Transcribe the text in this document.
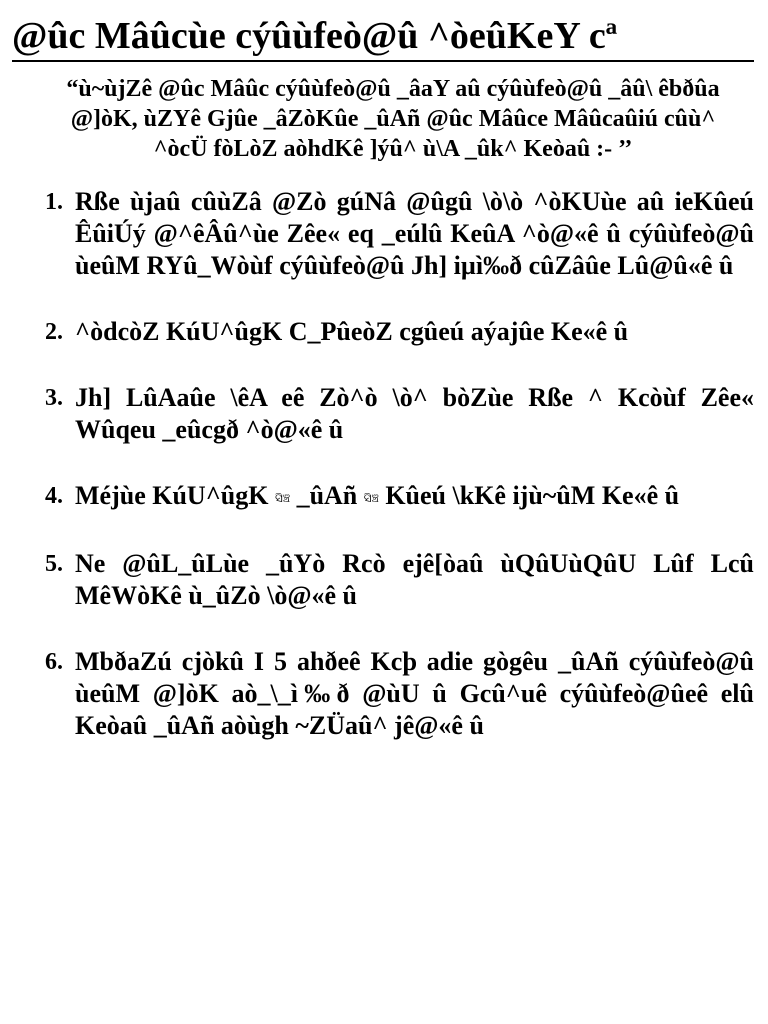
@ûc Mâûcùe cýûùfeò@û ^òeûKeY cª

“ù~ùjZê @ûc Mâûc cýûùfeò@û _âaY aû cýûùfeò@û _âû\ êbðûa @]òK, ùZYê Gjûe _âZòKûe _ûAñ @ûc Mâûce Mâûcaûiú cûù^ ^òcÜ fòLòZ aòhdKê ]ýû^ ù\A _ûk^ Keòaû :- ’’

1. Rße ùjaû cûùZâ @Zò gúNâ @ûgû \ò\ò ^òKUùe aû ieKûeú ÊûiÚý @^êÂû^ùe Zêe« eq _eúlû KeûA ^ò@«ê û cýûùfeò@û ùeûM RYû_Wòùf cýûùfeò@û Jh] iµì‰ð cûZâûe Lû@û«ê û
2. ^òdcòZ KúU^ûgK C_PûeòZ cgûeú aýajûe Ke«ê û
3. Jh] LûAaûe \êA eê Zò^ò \ò^ bòZùe Rße ^ Kcòùf Zêe« Wûqeu _eûcgð ^ò@«ê û
4. Méjùe KúU^ûgK ସିଞ୍ଚ _ûAñ ସିଞ୍ଚ Kûeú \kKê ijù~ûM Ke«ê û
5. Ne @ûL_ûLùe _ûYò Rcò ejê[òaû ùQûUùQûU Lûf Lcû MêWòKê ù_ûZò \ò@«ê û
6. MbðaZú cjòkû I 5 ahðeê Kcþ adie gògêu _ûAñ cýûùfeò@û ùeûM @]òK aò_\_ì‰ð @ùU û Gcû^uê cýûùfeò@ûeê elû Keòaû _ûAñ aòùgh ~ZÜaû^ jê@«ê û
